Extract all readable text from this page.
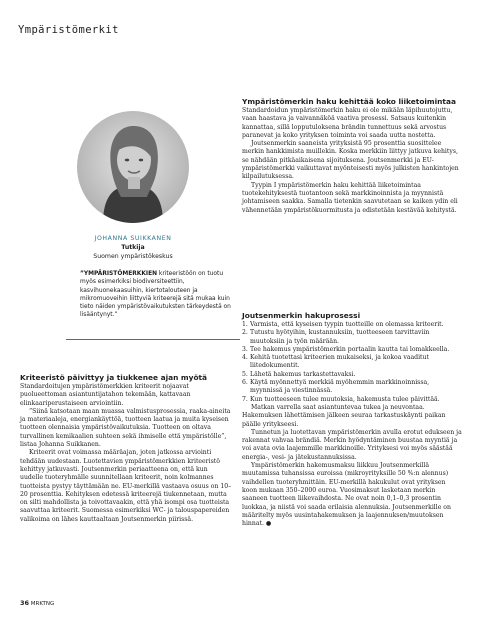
Ympäristömerkit
JOHANNA SUIKKANEN
Tutkija
Suomen ympäristökeskus
”YMPÄRISTÖMERKKIEN kriteeristöön on tuotu myös esimerkiksi biodiversiteettiin, kasvihuonekaasuihin, kiertotalouteen ja mikromuoveihin liittyviä kriteerejä sitä mukaa kuin tieto näiden ympäristövaikutuksten tärkeydestä on lisääntynyt.”
Kriteeristö päivittyy ja tiukkenee ajan myötä

Standardoitujen ympäristömerkkien kriteerit nojaavat puolueettoman asiantuntijatahon tekemään, kattavaan elinkaariperustaiseen arviointiin.

”Siinä katsotaan maan muassa valmistusprosessia, raaka-aineita ja materiaaleja, energiankäyttöä, tuotteen laatua ja muita kyseisen tuotteen olennaisia ympäristövaikutuksia. Tuotteen on oltava turvallinen kemikaalien suhteen sekä ihmiselle että ympäristölle”, listaa Johanna Suikkanen.

Kriteerit ovat voimassa määräajan, joten jatkossa arviointi tehdään uudestaan. Luotettavien ympäristömerkkien kriteeristö kehittyy jatkuvasti. Joutsenmerkin periaatteena on, että kun uudelle tuoteryhmälle suunnitellaan kriteerit, noin kolmannes tuotteista pystyy täyttämään ne. EU-merkillä vastaava osuus on 10–20 prosenttia. Kehityksen edetessä kriteerejä tiukennetaan, mutta on silti mahdollista ja toivottavaakin, että yhä isompi osa tuotteista saavuttaa kriteerit. Suomessa esimerkiksi WC- ja talouspapereiden valikoima on lähes kauttaaltaan Joutsenmerkin piirissä.

Ympäristömerkin haku kehittää koko liiketoimintaa

Standardoidun ympäristömerkin haku ei ole mikään läpihuutojuttu, vaan haastava ja vaivannäköä vaativa prosessi. Satsaus kuitenkin kannattaa, sillä lopputuloksena brändin tunnettuus sekä arvostus paranevat ja koko yrityksen toiminta voi saada uutta nostetta.

Joutsenmerkin saaneista yrityksistä 95 prosenttia suosittelee merkin hankkimista muillekin. Koska merkkiin liittyy jatkuva kehitys, se nähdään pitkäaikaisena sijoituksena. Joutsenmerkki ja EU-ympäristömerkki vaikuttavat myönteisesti myös julkisten hankintojen kilpailutuksessa.

Tyypin I ympäristömerkin haku kehittää liiketoimintaa tuotekehityksestä tuotantoon sekä markkinoinnista ja myynnistä johtamiseen saakka. Samalla tietenkin saavutetaan se kaiken ydin eli vähennetään ympäristökuormitusta ja edistetään kestävää kehitystä.

Joutsenmerkin hakuprosessi
1. Varmista, että kyseisen tyypin tuotteille on olemassa kriteerit.
2. Tutustu hyötyihin, kustannuksiin, tuotteeseen tarvittaviin muutoksiin ja työn määrään.
3. Tee hakemus ympäristömerkin portaalin kautta tai lomakkeella.
4. Kehitä tuotettasi kriteerien mukaiseksi, ja kokoa vaaditut liitedokumentit.
5. Lähetä hakemus tarkastettavaksi.
6. Käytä myönnettyä merkkiä myöhemmin markkinoinnissa, myynnissä ja viestinnässä.
7. Kun tuotteeseen tulee muutoksia, hakemusta tulee päivittää.

Matkan varrella saat asiantuntevaa tukea ja neuvontaa. Hakemuksen lähettämisen jälkeen seuraa tarkastuskäynti paikan päälle yritykseesi.

Tunnetun ja luotettavan ympäristömerkin avulla erotut edukseen ja rakennat vahvaa brändiä. Merkin hyödyntäminen buustaa myyntiä ja voi avata ovia laajemmille markkinoille. Yrityksesi voi myös säästää energia-, vesi- ja jätekustannuksissa.

Ympäristömerkin hakemusmaksu liikkuu Joutsenmerkillä muutamissa tuhansissa euroissa (mikroyrityksille 50 %:n alennus) vaihdellen tuoteryhmittäin. EU-merkillä hakukulut ovat yrityksen koon mukaan 350–2000 euroa. Vuosimaksut lasketaan merkin saaneen tuotteen liikevaihdosta. Ne ovat noin 0,1–0,3 prosentin luokkaa, ja niistä voi saada erilaisia alennuksia. Joutsenmerkille on määritelty myös uusintahakemuksen ja laajennuksen/muutoksen hinnat. ●

36 MRKTNG
